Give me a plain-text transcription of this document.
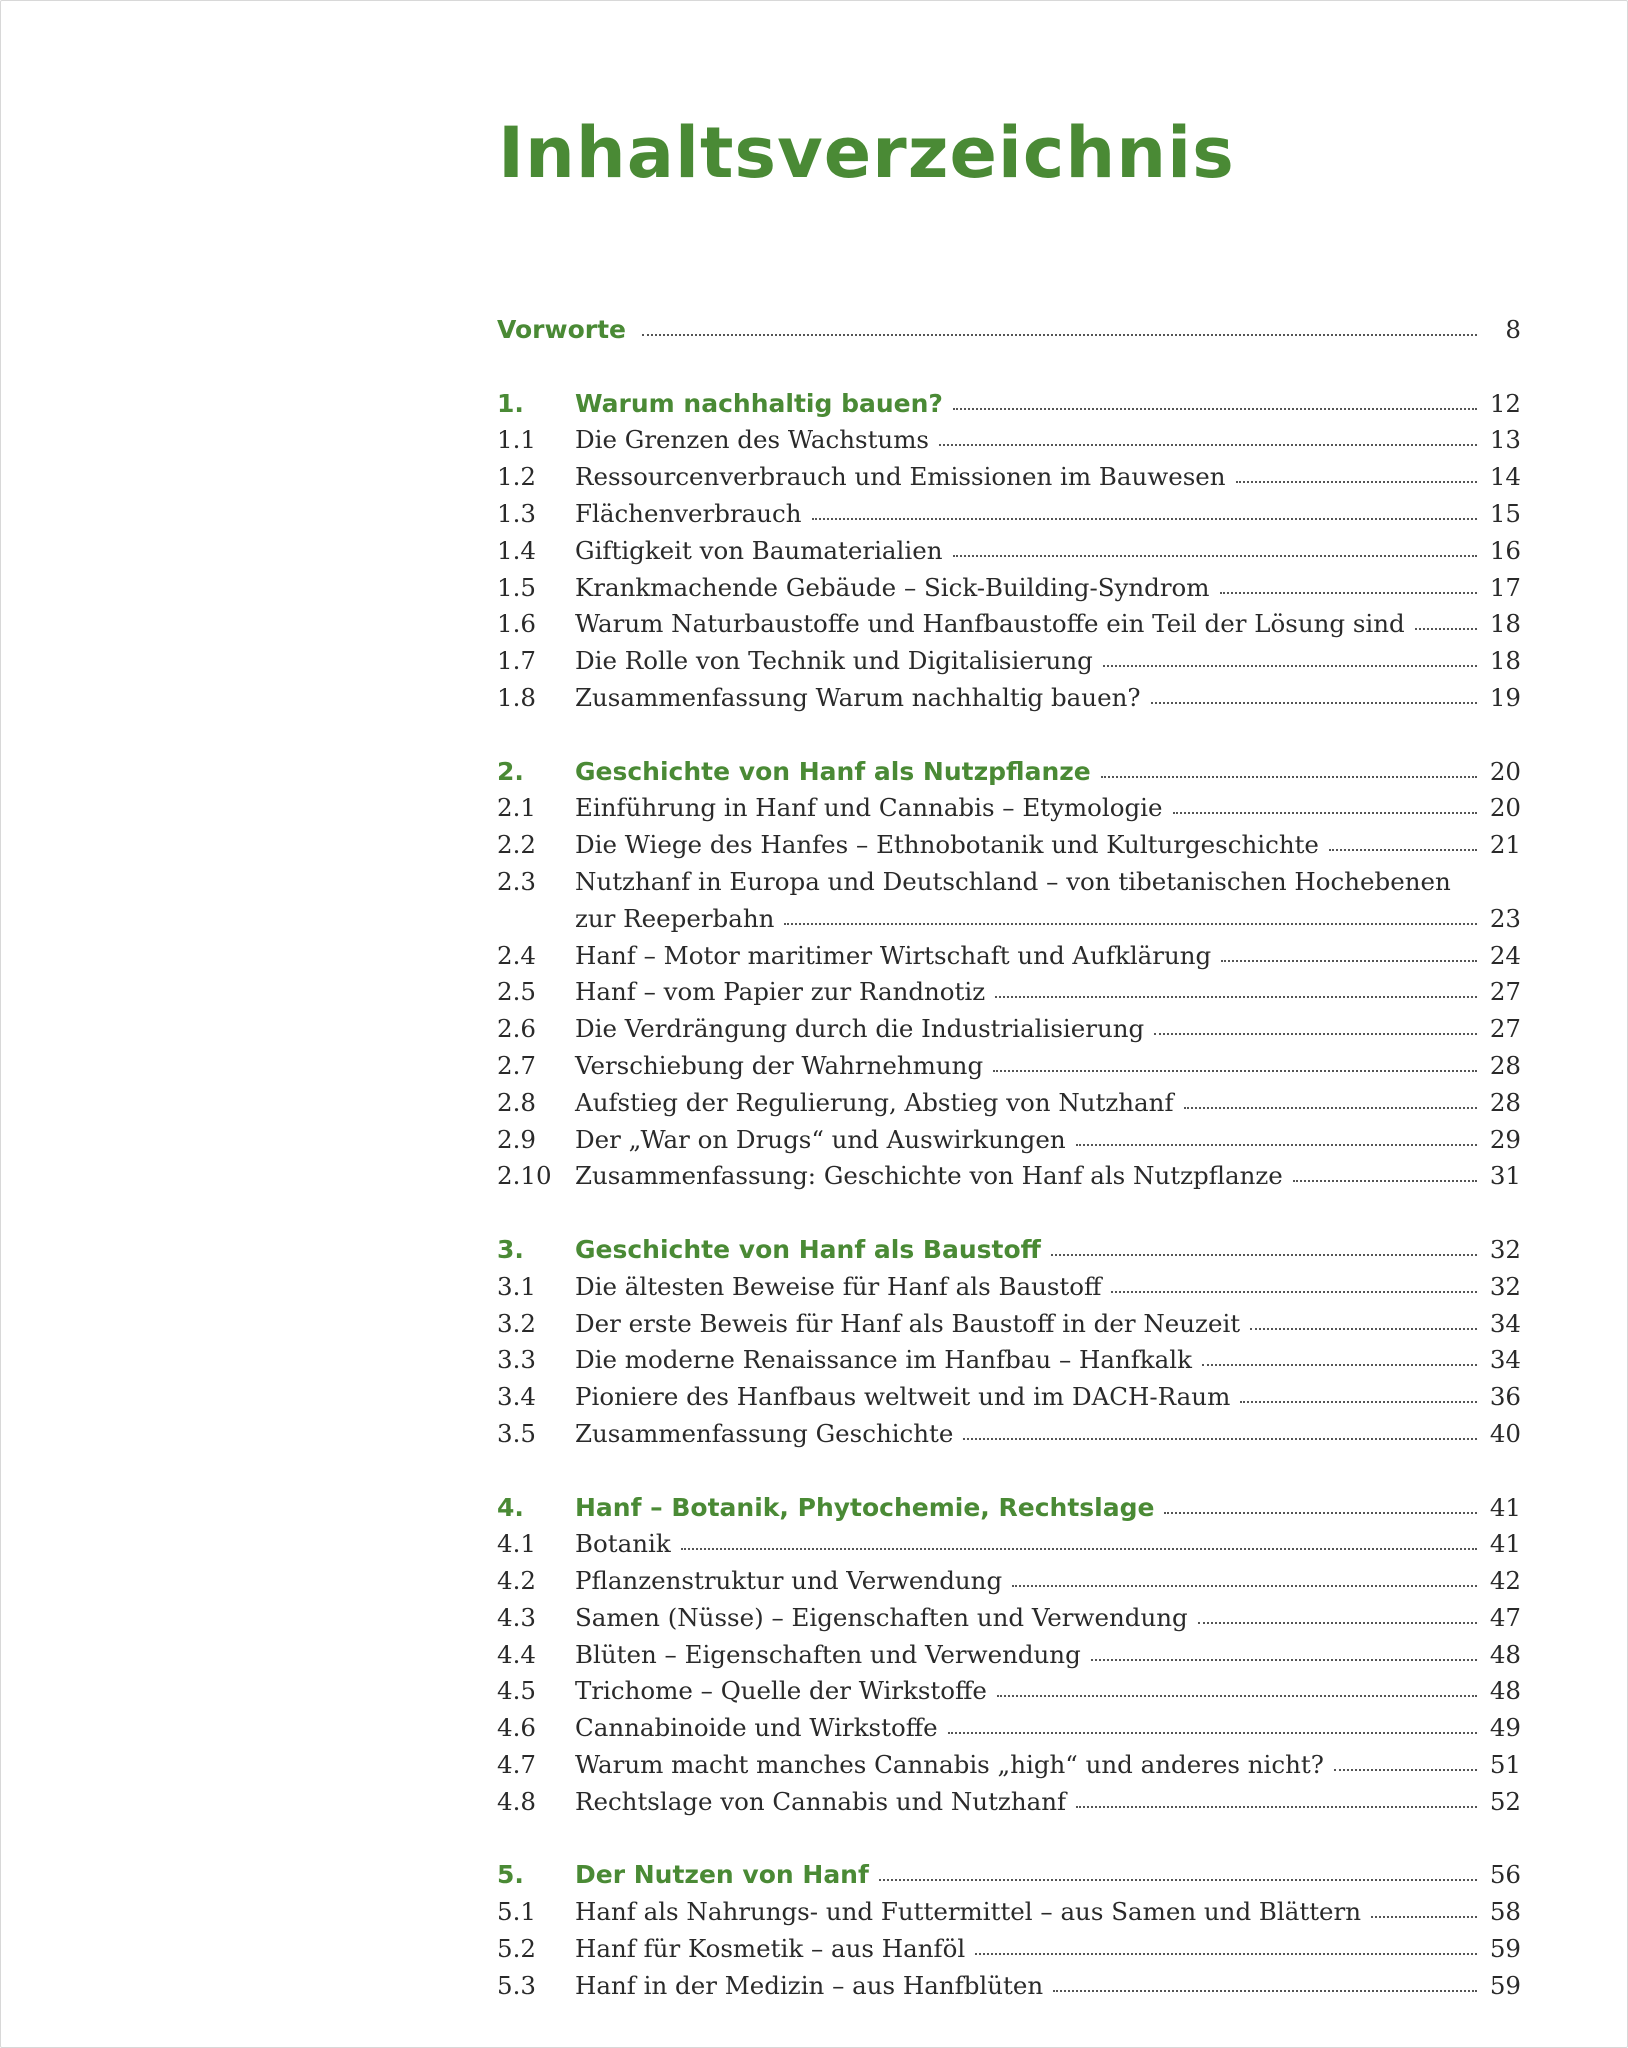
Inhaltsverzeichnis
Vorworte	8
1.	Warum nachhaltig bauen?	12
1.1	Die Grenzen des Wachstums	13
1.2	Ressourcenverbrauch und Emissionen im Bauwesen	14
1.3	Flächenverbrauch	15
1.4	Giftigkeit von Baumaterialien	16
1.5	Krankmachende Gebäude – Sick-Building-Syndrom	17
1.6	Warum Naturbaustoffe und Hanfbaustoffe ein Teil der Lösung sind	18
1.7	Die Rolle von Technik und Digitalisierung	18
1.8	Zusammenfassung Warum nachhaltig bauen?	19
2.	Geschichte von Hanf als Nutzpflanze	20
2.1	Einführung in Hanf und Cannabis – Etymologie	20
2.2	Die Wiege des Hanfes – Ethnobotanik und Kulturgeschichte	21
2.3	Nutzhanf in Europa und Deutschland – von tibetanischen Hochebenen
zur Reeperbahn	23
2.4	Hanf – Motor maritimer Wirtschaft und Aufklärung	24
2.5	Hanf – vom Papier zur Randnotiz	27
2.6	Die Verdrängung durch die Industrialisierung	27
2.7	Verschiebung der Wahrnehmung	28
2.8	Aufstieg der Regulierung, Abstieg von Nutzhanf	28
2.9	Der „War on Drugs“ und Auswirkungen	29
2.10 Zusammenfassung: Geschichte von Hanf als Nutzpflanze	31
3.	Geschichte von Hanf als Baustoff	32
3.1	Die ältesten Beweise für Hanf als Baustoff	32
3.2	Der erste Beweis für Hanf als Baustoff in der Neuzeit	34
3.3	Die moderne Renaissance im Hanfbau – Hanfkalk	34
3.4	Pioniere des Hanfbaus weltweit und im DACH-Raum	36
3.5	Zusammenfassung Geschichte	40
4.	Hanf – Botanik, Phytochemie, Rechtslage	41
4.1	Botanik	41
4.2	Pflanzenstruktur und Verwendung	42
4.3	Samen (Nüsse) – Eigenschaften und Verwendung	47
4.4	Blüten – Eigenschaften und Verwendung	48
4.5	Trichome – Quelle der Wirkstoffe	48
4.6	Cannabinoide und Wirkstoffe	49
4.7	Warum macht manches Cannabis „high“ und anderes nicht?	51
4.8	Rechtslage von Cannabis und Nutzhanf	52
5.	Der Nutzen von Hanf	56
5.1	Hanf als Nahrungs- und Futtermittel – aus Samen und Blättern	58
5.2	Hanf für Kosmetik – aus Hanföl	59
5.3	Hanf in der Medizin – aus Hanfblüten	59
